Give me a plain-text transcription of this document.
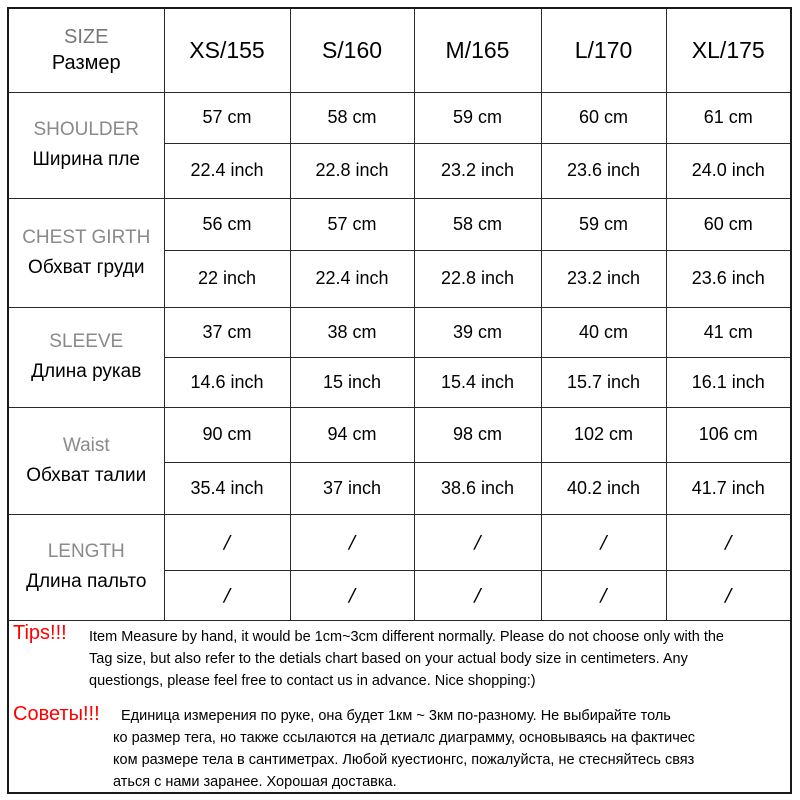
SIZE
Размер	XS/155	S/160	M/165	L/170	XL/175

SHOULDER
Ширина пле	57 cm	58 cm	59 cm	60 cm	61 cm
	22.4 inch	22.8 inch	23.2 inch	23.6 inch	24.0 inch

CHEST GIRTH
Обхват груди	56 cm	57 cm	58 cm	59 cm	60 cm
	22 inch	22.4 inch	22.8 inch	23.2 inch	23.6 inch

SLEEVE
Длина рукав	37 cm	38 cm	39 cm	40 cm	41 cm
	14.6 inch	15 inch	15.4 inch	15.7 inch	16.1 inch

Waist
Обхват талии	90 cm	94 cm	98 cm	102 cm	106 cm
	35.4 inch	37 inch	38.6 inch	40.2 inch	41.7 inch

LENGTH
Длина пальто	/	/	/	/	/
	/	/	/	/	/
Tips!!!	Item Measure by hand, it would be 1cm~3cm different normally. Please do not choose only with the
Tag size, but also refer to the detials chart based on your actual body size in centimeters. Any
questiongs, please feel free to contact us in advance. Nice shopping:)
Советы!!!	Единица измерения по руке, она будет 1км ~ 3км по-разному. Не выбирайте толь
ко размер тега, но также ссылаются на детиалс диаграмму, основываясь на фактичес
ком размере тела в сантиметрах. Любой куестионгс, пожалуйста, не стесняйтесь связ
аться с нами заранее. Хорошая доставка.
